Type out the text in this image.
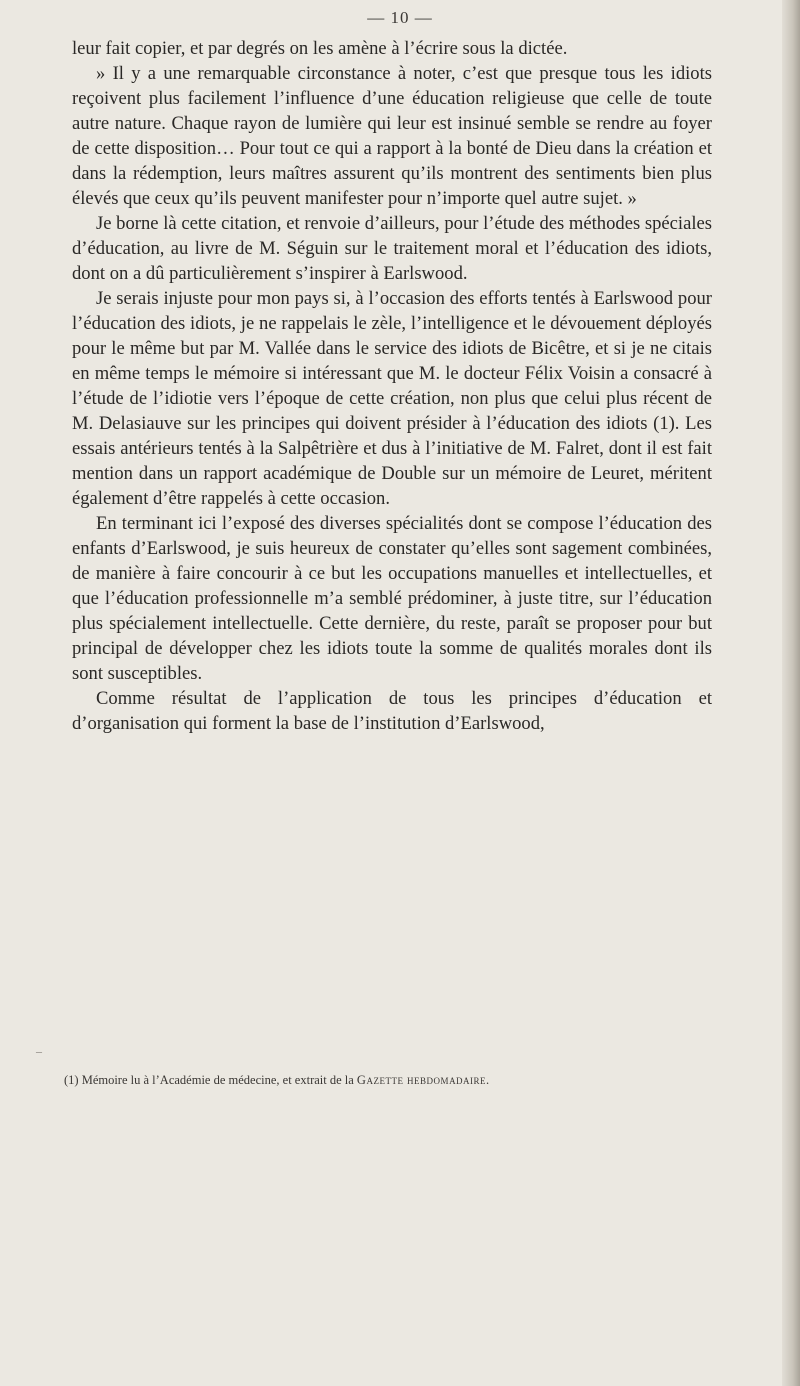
— 10 —

leur fait copier, et par degrés on les amène à l’écrire sous la dictée.

» Il y a une remarquable circonstance à noter, c’est que presque tous les idiots reçoivent plus facilement l’influence d’une éducation religieuse que celle de toute autre nature. Chaque rayon de lumière qui leur est insinué semble se rendre au foyer de cette disposition… Pour tout ce qui a rapport à la bonté de Dieu dans la création et dans la rédemption, leurs maîtres assurent qu’ils montrent des sentiments bien plus élevés que ceux qu’ils peuvent manifester pour n’importe quel autre sujet. »

Je borne là cette citation, et renvoie d’ailleurs, pour l’étude des méthodes spéciales d’éducation, au livre de M. Séguin sur le traitement moral et l’éducation des idiots, dont on a dû particulièrement s’inspirer à Earlswood.

Je serais injuste pour mon pays si, à l’occasion des efforts tentés à Earlswood pour l’éducation des idiots, je ne rappelais le zèle, l’intelligence et le dévouement déployés pour le même but par M. Vallée dans le service des idiots de Bicêtre, et si je ne citais en même temps le mémoire si intéressant que M. le docteur Félix Voisin a consacré à l’étude de l’idiotie vers l’époque de cette création, non plus que celui plus récent de M. Delasiauve sur les principes qui doivent présider à l’éducation des idiots (1). Les essais antérieurs tentés à la Salpêtrière et dus à l’initiative de M. Falret, dont il est fait mention dans un rapport académique de Double sur un mémoire de Leuret, méritent également d’être rappelés à cette occasion.

En terminant ici l’exposé des diverses spécialités dont se compose l’éducation des enfants d’Earlswood, je suis heureux de constater qu’elles sont sagement combinées, de manière à faire concourir à ce but les occupations manuelles et intellectuelles, et que l’éducation professionnelle m’a semblé prédominer, à juste titre, sur l’éducation plus spécialement intellectuelle. Cette dernière, du reste, paraît se proposer pour but principal de développer chez les idiots toute la somme de qualités morales dont ils sont susceptibles.

Comme résultat de l’application de tous les principes d’éducation et d’organisation qui forment la base de l’institution d’Earlswood,

–
(1) Mémoire lu à l’Académie de médecine, et extrait de la Gazette hebdomadaire.
